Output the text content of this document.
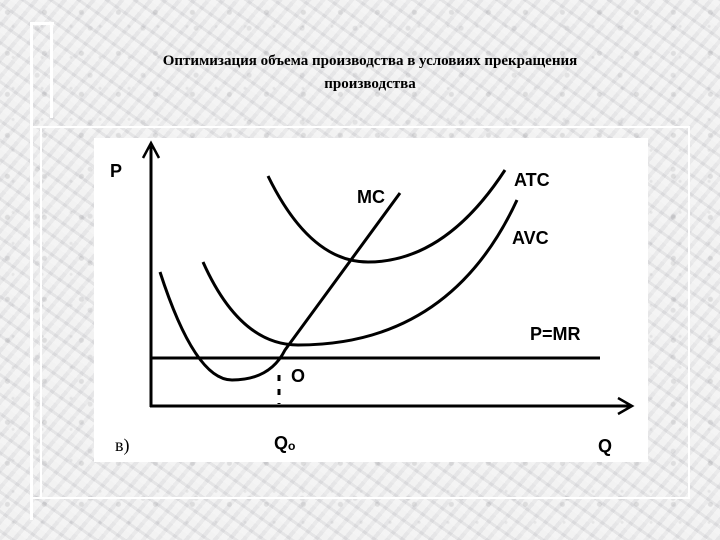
Оптимизация объема производства в условиях прекращения
производства
P
Q
MC
ATC
AVC
P=MR
O
Qₒ
в)
